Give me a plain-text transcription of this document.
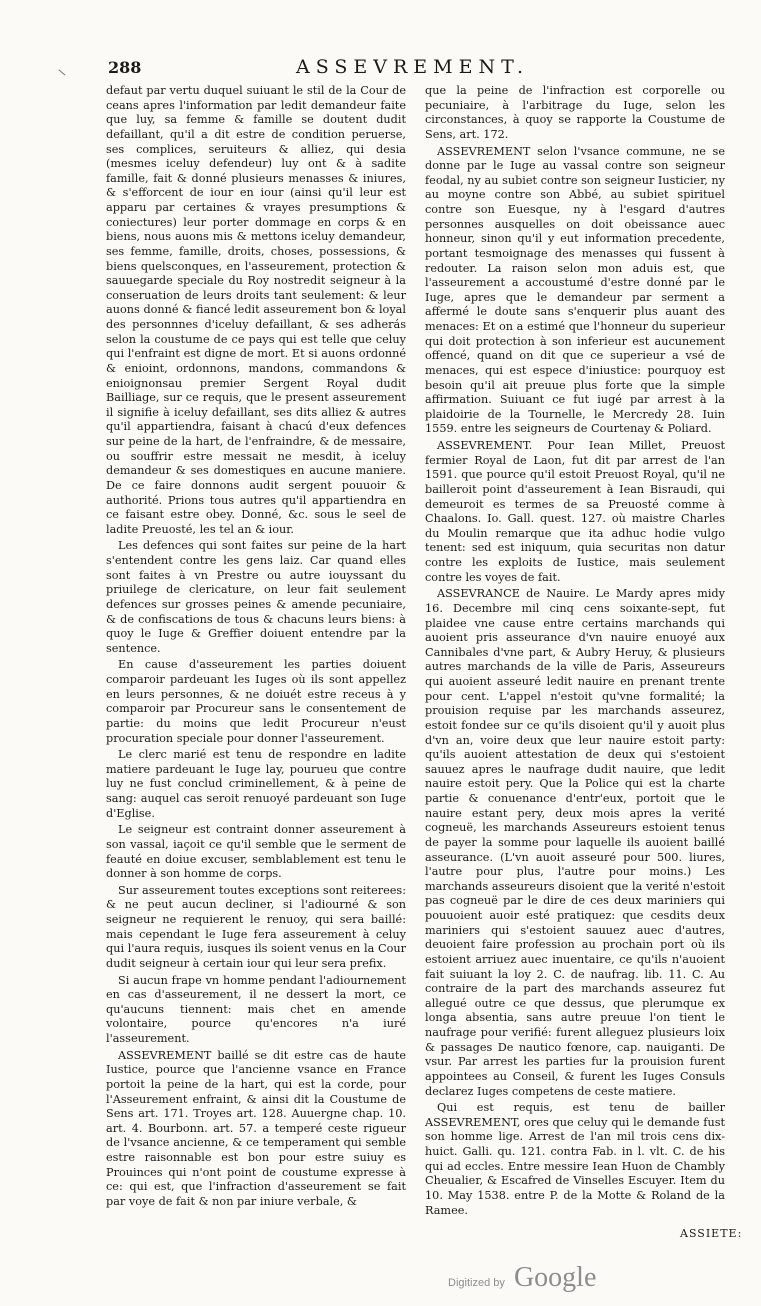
288	ASSEVREMENT.

defaut par vertu duquel suiuant le stil de la Cour de ceans apres l'information par ledit demandeur faite que luy, sa femme & famille se doutent dudit defaillant, qu'il a dit estre de condition peruerse, ses complices, seruiteurs & alliez, qui desia (mesmes iceluy defendeur) luy ont & à sadite famille, fait & donné plusieurs menasses & iniures, & s'efforcent de iour en iour (ainsi qu'il leur est apparu par certaines & vrayes presumptions & coniectures) leur porter dommage en corps & en biens, nous auons mis & mettons iceluy demandeur, ses femme, famille, droits, choses, possessions, & biens quelsconques, en l'asseurement, protection & sauuegarde speciale du Roy nostredit seigneur à la conseruation de leurs droits tant seulement: & leur auons donné & fiancé ledit asseurement bon & loyal des personnnes d'iceluy defaillant, & ses adherás selon la coustume de ce pays qui est telle que celuy qui l'enfraint est digne de mort. Et si auons ordonné & enioint, ordonnons, mandons, commandons & enioignonsau premier Sergent Royal dudit Bailliage, sur ce requis, que le present asseurement il signifie à iceluy defaillant, ses dits alliez & autres qu'il appartiendra, faisant à chacú d'eux defences sur peine de la hart, de l'enfraindre, & de messaire, ou souffrir estre messait ne mesdit, à iceluy demandeur & ses domestiques en aucune maniere. De ce faire donnons audit sergent pouuoir & authorité. Prions tous autres qu'il appartiendra en ce faisant estre obey. Donné, &c. sous le seel de ladite Preuosté, les tel an & iour.

Les defences qui sont faites sur peine de la hart s'entendent contre les gens laiz. Car quand elles sont faites à vn Prestre ou autre iouyssant du priuilege de clericature, on leur fait seulement defences sur grosses peines & amende pecuniaire, & de confiscations de tous & chacuns leurs biens: à quoy le Iuge & Greffier doiuent entendre par la sentence.

En cause d'asseurement les parties doiuent comparoir pardeuant les Iuges où ils sont appellez en leurs personnes, & ne doiuét estre receus à y comparoir par Procureur sans le consentement de partie: du moins que ledit Procureur n'eust procuration speciale pour donner l'asseurement.

Le clerc marié est tenu de respondre en ladite matiere pardeuant le Iuge lay, pourueu que contre luy ne fust conclud criminellement, & à peine de sang: auquel cas seroit renuoyé pardeuant son Iuge d'Eglise.

Le seigneur est contraint donner asseurement à son vassal, iaçoit ce qu'il semble que le serment de feauté en doiue excuser, semblablement est tenu le donner à son homme de corps.

Sur asseurement toutes exceptions sont reiterees: & ne peut aucun decliner, si l'adiourné & son seigneur ne requierent le renuoy, qui sera baillé: mais cependant le Iuge fera asseurement à celuy qui l'aura requis, iusques ils soient venus en la Cour dudit seigneur à certain iour qui leur sera prefix.

Si aucun frape vn homme pendant l'adiournement en cas d'asseurement, il ne dessert la mort, ce qu'aucuns tiennent: mais chet en amende volontaire, pource qu'encores n'a iuré l'asseurement.

ASSEVREMENT baillé se dit estre cas de haute Iustice, pource que l'ancienne vsance en France portoit la peine de la hart, qui est la corde, pour l'Asseurement enfraint, & ainsi dit la Coustume de Sens art. 171. Troyes art. 128. Auuergne chap. 10. art. 4. Bourbonn. art. 57. a temperé ceste rigueur de l'vsance ancienne, & ce temperament qui semble estre raisonnable est bon pour estre suiuy es Prouinces qui n'ont point de coustume expresse à ce: qui est, que l'infraction d'asseurement se fait par voye de fait & non par iniure verbale, &

que la peine de l'infraction est corporelle ou pecuniaire, à l'arbitrage du Iuge, selon les circonstances, à quoy se rapporte la Coustume de Sens, art. 172.

ASSEVREMENT selon l'vsance commune, ne se donne par le Iuge au vassal contre son seigneur feodal, ny au subiet contre son seigneur Iusticier, ny au moyne contre son Abbé, au subiet spirituel contre son Euesque, ny à l'esgard d'autres personnes ausquelles on doit obeissance auec honneur, sinon qu'il y eut information precedente, portant tesmoignage des menasses qui fussent à redouter. La raison selon mon aduis est, que l'asseurement a accoustumé d'estre donné par le Iuge, apres que le demandeur par serment a affermé le doute sans s'enquerir plus auant des menaces: Et on a estimé que l'honneur du superieur qui doit protection à son inferieur est aucunement offencé, quand on dit que ce superieur a vsé de menaces, qui est espece d'iniustice: pourquoy est besoin qu'il ait preuue plus forte que la simple affirmation. Suiuant ce fut iugé par arrest à la plaidoirie de la Tournelle, le Mercredy 28. Iuin 1559. entre les seigneurs de Courtenay & Poliard.

ASSEVREMENT. Pour Iean Millet, Preuost fermier Royal de Laon, fut dit par arrest de l'an 1591. que pource qu'il estoit Preuost Royal, qu'il ne bailleroit point d'asseurement à Iean Bisraudi, qui demeuroit es termes de sa Preuosté comme à Chaalons. Io. Gall. quest. 127. où maistre Charles du Moulin remarque que ita adhuc hodie vulgo tenent: sed est iniquum, quia securitas non datur contre les exploits de Iustice, mais seulement contre les voyes de fait.

ASSEVRANCE de Nauire. Le Mardy apres midy 16. Decembre mil cinq cens soixante-sept, fut plaidee vne cause entre certains marchands qui auoient pris asseurance d'vn nauire enuoyé aux Cannibales d'vne part, & Aubry Heruy, & plusieurs autres marchands de la ville de Paris, Asseureurs qui auoient asseuré ledit nauire en prenant trente pour cent. L'appel n'estoit qu'vne formalité; la prouision requise par les marchands asseurez, estoit fondee sur ce qu'ils disoient qu'il y auoit plus d'vn an, voire deux que leur nauire estoit party: qu'ils auoient attestation de deux qui s'estoient sauuez apres le naufrage dudit nauire, que ledit nauire estoit pery. Que la Police qui est la charte partie & conuenance d'entr'eux, portoit que le nauire estant pery, deux mois apres la verité cogneuë, les marchands Asseureurs estoient tenus de payer la somme pour laquelle ils auoient baillé asseurance. (L'vn auoit asseuré pour 500. liures, l'autre pour plus, l'autre pour moins.) Les marchands asseureurs disoient que la verité n'estoit pas cogneuë par le dire de ces deux mariniers qui pouuoient auoir esté pratiquez: que cesdits deux mariniers qui s'estoient sauuez auec d'autres, deuoient faire profession au prochain port où ils estoient arriuez auec inuentaire, ce qu'ils n'auoient fait suiuant la loy 2. C. de naufrag. lib. 11. C. Au contraire de la part des marchands asseurez fut allegué outre ce que dessus, que plerumque ex longa absentia, sans autre preuue l'on tient le naufrage pour verifié: furent alleguez plusieurs loix & passages De nautico fœnore, cap. nauiganti. De vsur. Par arrest les parties fur la prouision furent appointees au Conseil, & furent les Iuges Consuls declarez Iuges competens de ceste matiere.

Qui est requis, est tenu de bailler ASSEVREMENT, ores que celuy qui le demande fust son homme lige. Arrest de l'an mil trois cens dix-huict. Galli. qu. 121. contra Fab. in l. vlt. C. de his qui ad eccles. Entre messire Iean Huon de Chambly Cheualier, & Escafred de Vinselles Escuyer. Item du 10. May 1538. entre P. de la Motte & Roland de la Ramee.

ASSIETE:
Digitized by Google
